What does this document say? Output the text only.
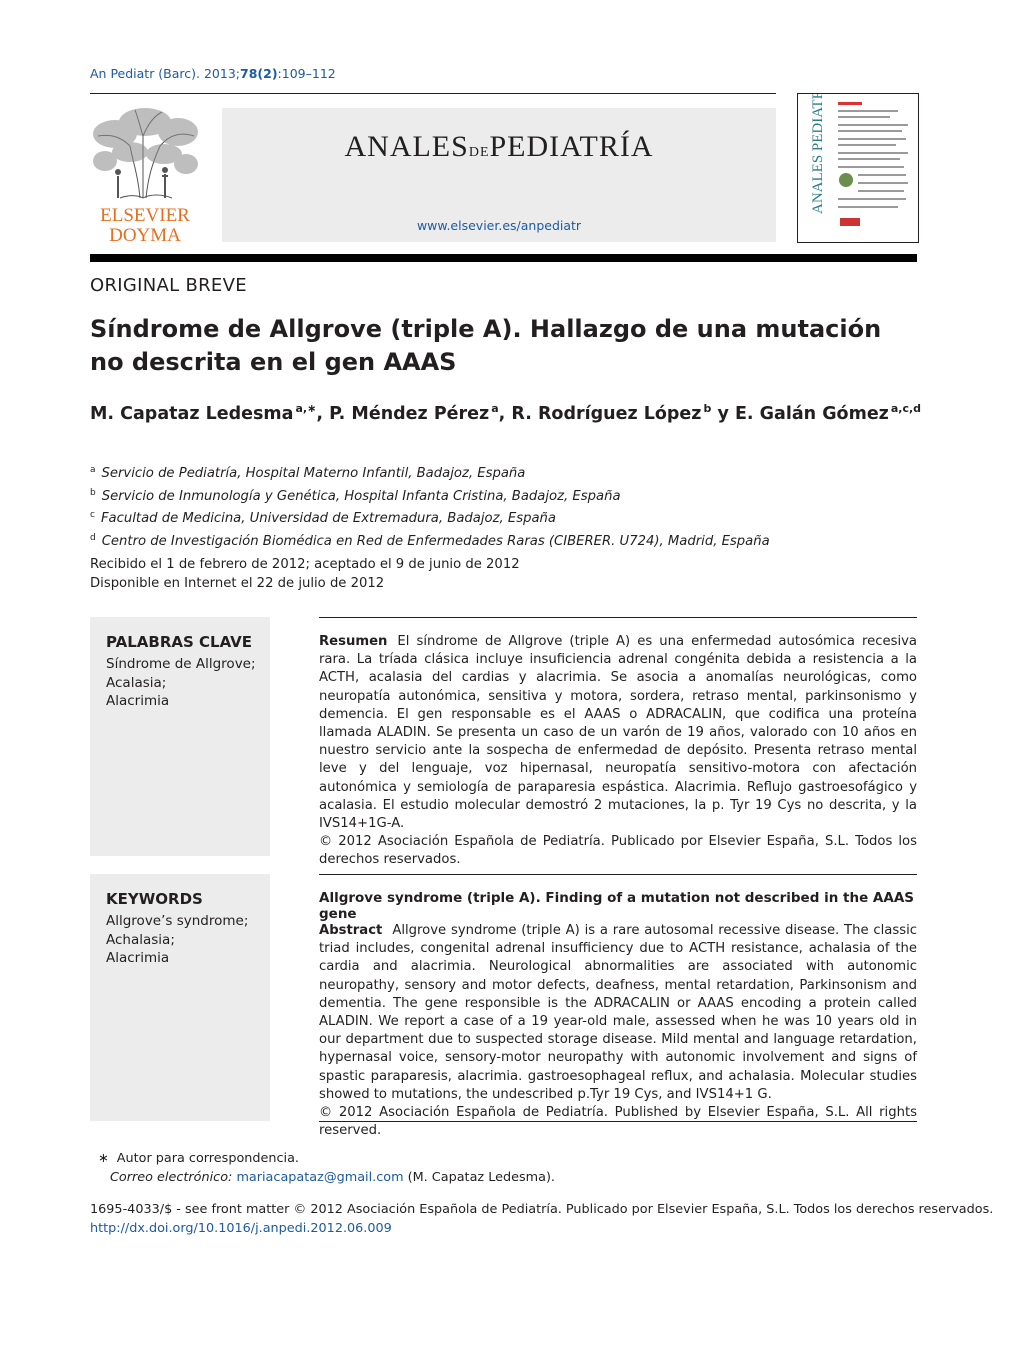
An Pediatr (Barc). 2013;78(2):109–112
ELSEVIER
DOYMA
ANALESDEPEDIATRÍA
www.elsevier.es/anpediatr
ANALES PEDIATRÍA
ORIGINAL BREVE
Síndrome de Allgrove (triple A). Hallazgo de una mutación no descrita en el gen AAAS
M. Capataz Ledesma $^{a,∗}$, P. Méndez Pérez $^a$, R. Rodríguez López $^b$ y E. Galán Gómez $^{a,c,d}$
$^a$ Servicio de Pediatría, Hospital Materno Infantil, Badajoz, España
$^b$ Servicio de Inmunología y Genética, Hospital Infanta Cristina, Badajoz, España
$^c$ Facultad de Medicina, Universidad de Extremadura, Badajoz, España
$^d$ Centro de Investigación Biomédica en Red de Enfermedades Raras (CIBERER. U724), Madrid, España
Recibido el 1 de febrero de 2012; aceptado el 9 de junio de 2012
Disponible en Internet el 22 de julio de 2012
PALABRAS CLAVE
Síndrome de Allgrove;
Acalasia;
Alacrimia
Resumen El síndrome de Allgrove (triple A) es una enfermedad autosómica recesiva rara. La tríada clásica incluye insuficiencia adrenal congénita debida a resistencia a la ACTH, acalasia del cardias y alacrimia. Se asocia a anomalías neurológicas, como neuropatía autonómica, sensitiva y motora, sordera, retraso mental, parkinsonismo y demencia. El gen responsable es el AAAS o ADRACALIN, que codifica una proteína llamada ALADIN. Se presenta un caso de un varón de 19 años, valorado con 10 años en nuestro servicio ante la sospecha de enfermedad de depósito. Presenta retraso mental leve y del lenguaje, voz hipernasal, neuropatía sensitivo-motora con afectación autonómica y semiología de paraparesia espástica. Alacrimia. Reflujo gastroesofágico y acalasia. El estudio molecular demostró 2 mutaciones, la p. Tyr 19 Cys no descrita, y la IVS14+1G-A.
© 2012 Asociación Española de Pediatría. Publicado por Elsevier España, S.L. Todos los derechos reservados.
KEYWORDS
Allgrove’s syndrome;
Achalasia;
Alacrimia
Allgrove syndrome (triple A). Finding of a mutation not described in the AAAS gene
Abstract Allgrove syndrome (triple A) is a rare autosomal recessive disease. The classic triad includes, congenital adrenal insufficiency due to ACTH resistance, achalasia of the cardia and alacrimia. Neurological abnormalities are associated with autonomic neuropathy, sensory and motor defects, deafness, mental retardation, Parkinsonism and dementia. The gene responsible is the ADRACALIN or AAAS encoding a protein called ALADIN. We report a case of a 19 year-old male, assessed when he was 10 years old in our department due to suspected storage disease. Mild mental and language retardation, hypernasal voice, sensory-motor neuropathy with autonomic involvement and signs of spastic paraparesis, alacrimia. gastroesophageal reflux, and achalasia. Molecular studies showed to mutations, the undescribed p.Tyr 19 Cys, and IVS14+1 G.
© 2012 Asociación Española de Pediatría. Published by Elsevier España, S.L. All rights reserved.
∗ Autor para correspondencia.
Correo electrónico: mariacapataz@gmail.com (M. Capataz Ledesma).
1695-4033/$ - see front matter © 2012 Asociación Española de Pediatría. Publicado por Elsevier España, S.L. Todos los derechos reservados.
http://dx.doi.org/10.1016/j.anpedi.2012.06.009
